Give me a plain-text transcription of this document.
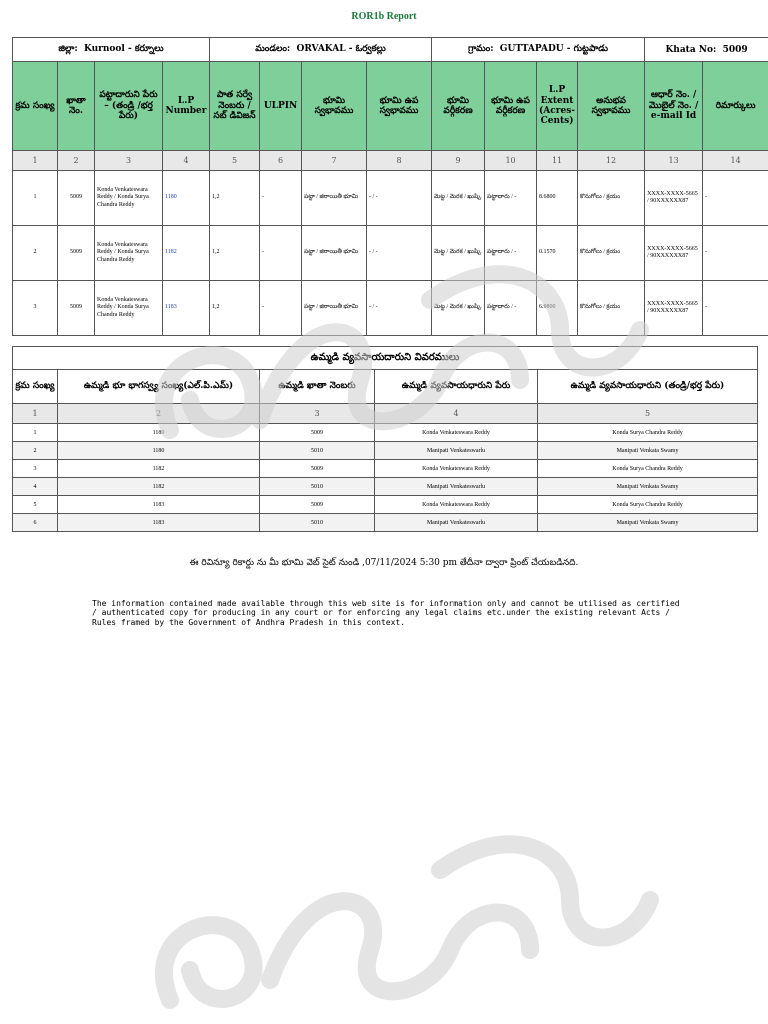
ROR1b Report
జిల్లా: Kurnool - కర్నూలు				మండలం: ORVAKAL - ఓర్వకల్లు				గ్రామం: GUTTAPADU - గుట్టపాడు				Khata No: 5009	
క్రమ సంఖ్య	ఖాతా నెం.	పట్టాదారుని పేరు – (తండ్రి /భర్త పేరు)	L.P Number	పాత సర్వే నెంబరు / సబ్ డివిజన్	ULPIN	భూమి స్వభావము	భూమి ఉప స్వభావము	భూమి వర్గీకరణ	భూమి ఉప వర్గీకరణ	L.P Extent (Acres-Cents)	అనుభవ స్వభావము	ఆధార్ నెం. / మొబైల్ నెం. / e-mail Id	రిమార్కులు
1	2	3	4	5	6	7	8	9	10	11	12	13	14
1	5009	Konda Venkateswara Reddy / Konda Surya Chandra Reddy	1180	1,2	-	పట్టా / జిరాయితీ భూమి	- / -	మెట్ట / మెరక / ఖుష్కి	పట్టాదారు / -	8.6800	కొనుగోలు / క్రయం	XXXX-XXXX-5665 / 90XXXXXX87	-
2	5009	Konda Venkateswara Reddy / Konda Surya Chandra Reddy	1182	1,2	-	పట్టా / జిరాయితీ భూమి	- / -	మెట్ట / మెరక / ఖుష్కి	పట్టాదారు / -	0.1570	కొనుగోలు / క్రయం	XXXX-XXXX-5665 / 90XXXXXX87	-
3	5009	Konda Venkateswara Reddy / Konda Surya Chandra Reddy	1183	1,2	-	పట్టా / జిరాయితీ భూమి	- / -	మెట్ట / మెరక / ఖుష్కి	పట్టాదారు / -	6.9800	కొనుగోలు / క్రయం	XXXX-XXXX-5665 / 90XXXXXX87	-
ఉమ్మడి వ్యవసాయదారుని వివరములు				
క్రమ సంఖ్య	ఉమ్మడి భూ భాగస్వ్య సంఖ్య(ఎల్.పి.ఎమ్)	ఉమ్మడి ఖాతా నెంబరు	ఉమ్మడి వ్యవసాయధారుని పేరు	ఉమ్మడి వ్యవసాయధారుని (తండ్రి/భర్త పేరు)
1	2	3	4	5
1	1180	5009	Konda Venkateswara Reddy	Konda Surya Chandra Reddy
2	1180	5010	Manipati Venkateswarlu	Manipati Venkata Swamy
3	1182	5009	Konda Venkateswara Reddy	Konda Surya Chandra Reddy
4	1182	5010	Manipati Venkateswarlu	Manipati Venkata Swamy
5	1183	5009	Konda Venkateswara Reddy	Konda Surya Chandra Reddy
6	1183	5010	Manipati Venkateswarlu	Manipati Venkata Swamy
ఈ రివిన్యూ రికార్డు ను మీ భూమి వెబ్ సైట్ నుండి ,07/11/2024 5:30 pm తేదీనా ద్వారా ప్రింట్ చేయబడినది.
The information contained made available through this web site is for information only and cannot be utilised as certified / authenticated copy for producing in any court or for enforcing any legal claims etc.under the existing relevant Acts / Rules framed by the Government of Andhra Pradesh in this context.
